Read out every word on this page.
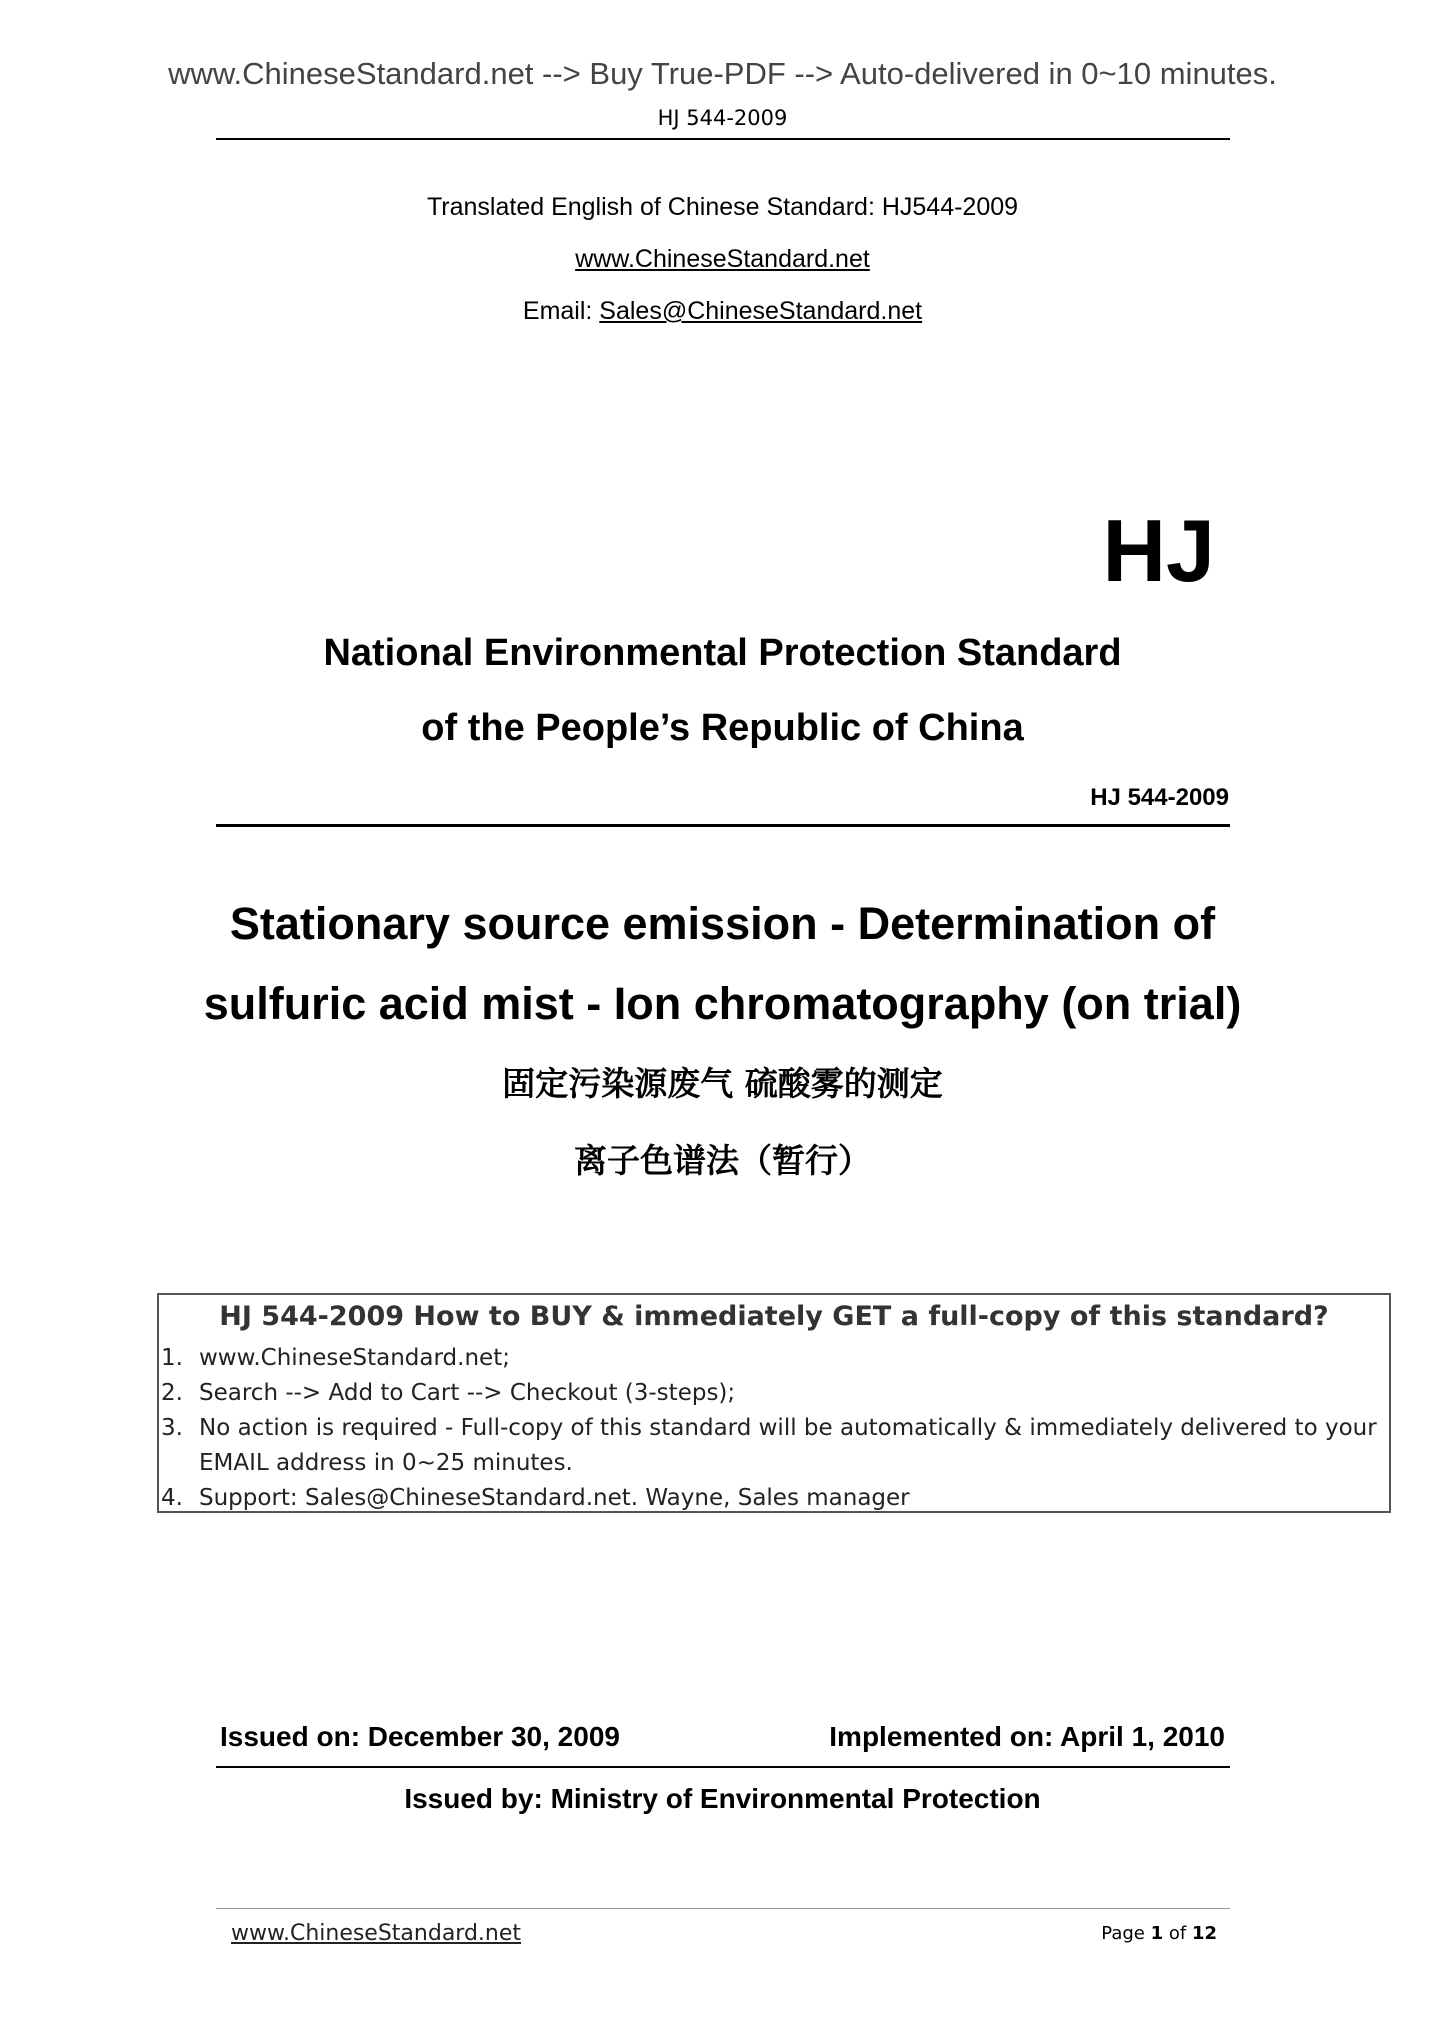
www.ChineseStandard.net --> Buy True-PDF --> Auto-delivered in 0~10 minutes.
HJ 544-2009
Translated English of Chinese Standard: HJ544-2009
www.ChineseStandard.net
Email: Sales@ChineseStandard.net
HJ
National Environmental Protection Standard
of the People’s Republic of China
HJ 544-2009
Stationary source emission - Determination of
sulfuric acid mist - Ion chromatography (on trial)
固定污染源废气 硫酸雾的测定
离子色谱法（暂行）
HJ 544-2009 How to BUY & immediately GET a full-copy of this standard?
1. www.ChineseStandard.net;
2. Search --> Add to Cart --> Checkout (3-steps);
3. No action is required - Full-copy of this standard will be automatically & immediately delivered to your EMAIL address in 0~25 minutes.
4. Support: Sales@ChineseStandard.net. Wayne, Sales manager
Issued on: December 30, 2009	Implemented on: April 1, 2010
Issued by: Ministry of Environmental Protection
www.ChineseStandard.net	Page 1 of 12
